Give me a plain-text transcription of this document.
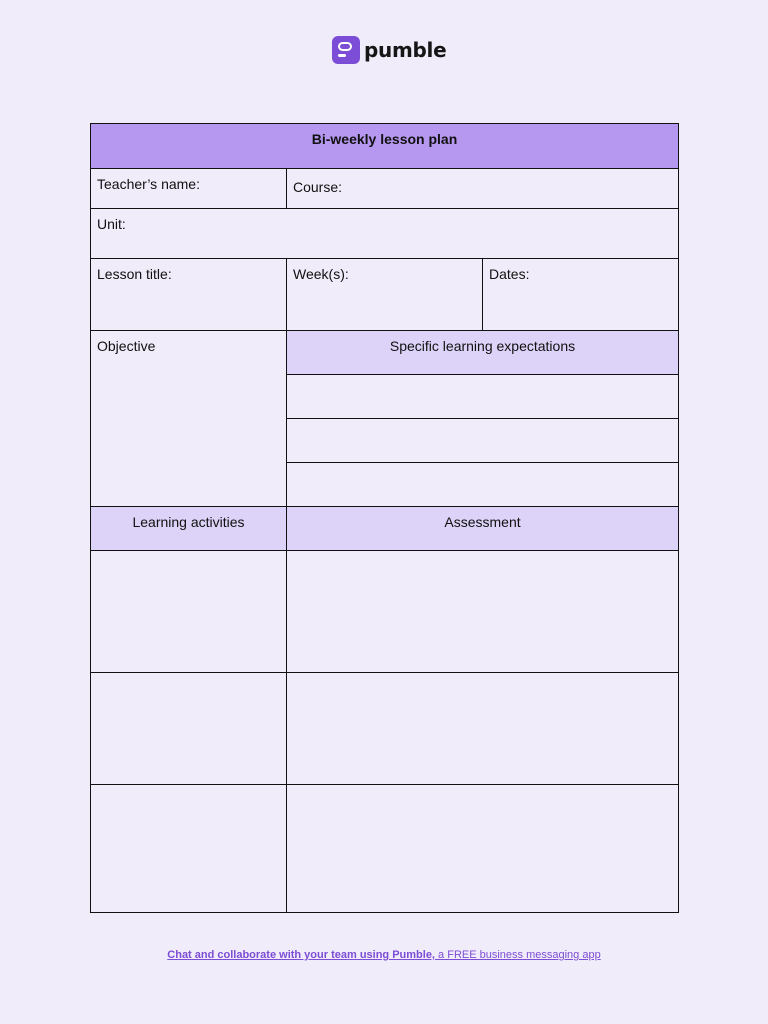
pumble
Bi-weekly lesson plan		
Teacher’s name:	Course:	
Unit:		
Lesson title:	Week(s):	Dates:
Objective	Specific learning expectations	

Learning activities	Assessment	

Chat and collaborate with your team using Pumble, a FREE business messaging app
